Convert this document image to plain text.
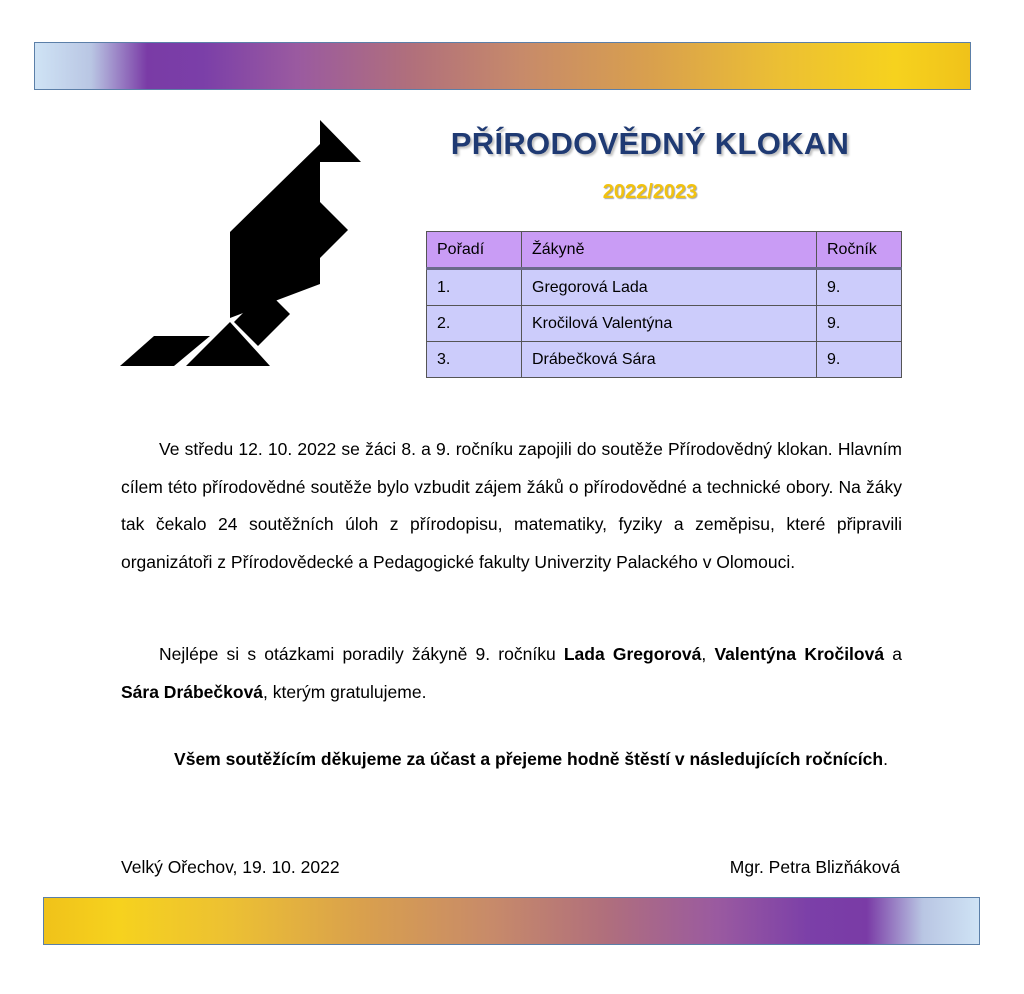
PŘÍRODOVĚDNÝ KLOKAN
2022/2023
Pořadí	Žákyně	Ročník
1.	Gregorová Lada	9.
2.	Kročilová Valentýna	9.
3.	Drábečková Sára	9.

Ve středu 12. 10. 2022 se žáci 8. a 9. ročníku zapojili do soutěže Přírodovědný klokan. Hlavním cílem této přírodovědné soutěže bylo vzbudit zájem žáků o přírodovědné a technické obory. Na žáky tak čekalo 24 soutěžních úloh z přírodopisu, matematiky, fyziky a zeměpisu, které připravili organizátoři z Přírodovědecké a Pedagogické fakulty Univerzity Palackého v Olomouci.

Nejlépe si s otázkami poradily žákyně 9. ročníku Lada Gregorová, Valentýna Kročilová a Sára Drábečková, kterým gratulujeme.

Všem soutěžícím děkujeme za účast a přejeme hodně štěstí v následujících ročnících.
Velký Ořechov, 19. 10. 2022	Mgr. Petra Blizňáková
